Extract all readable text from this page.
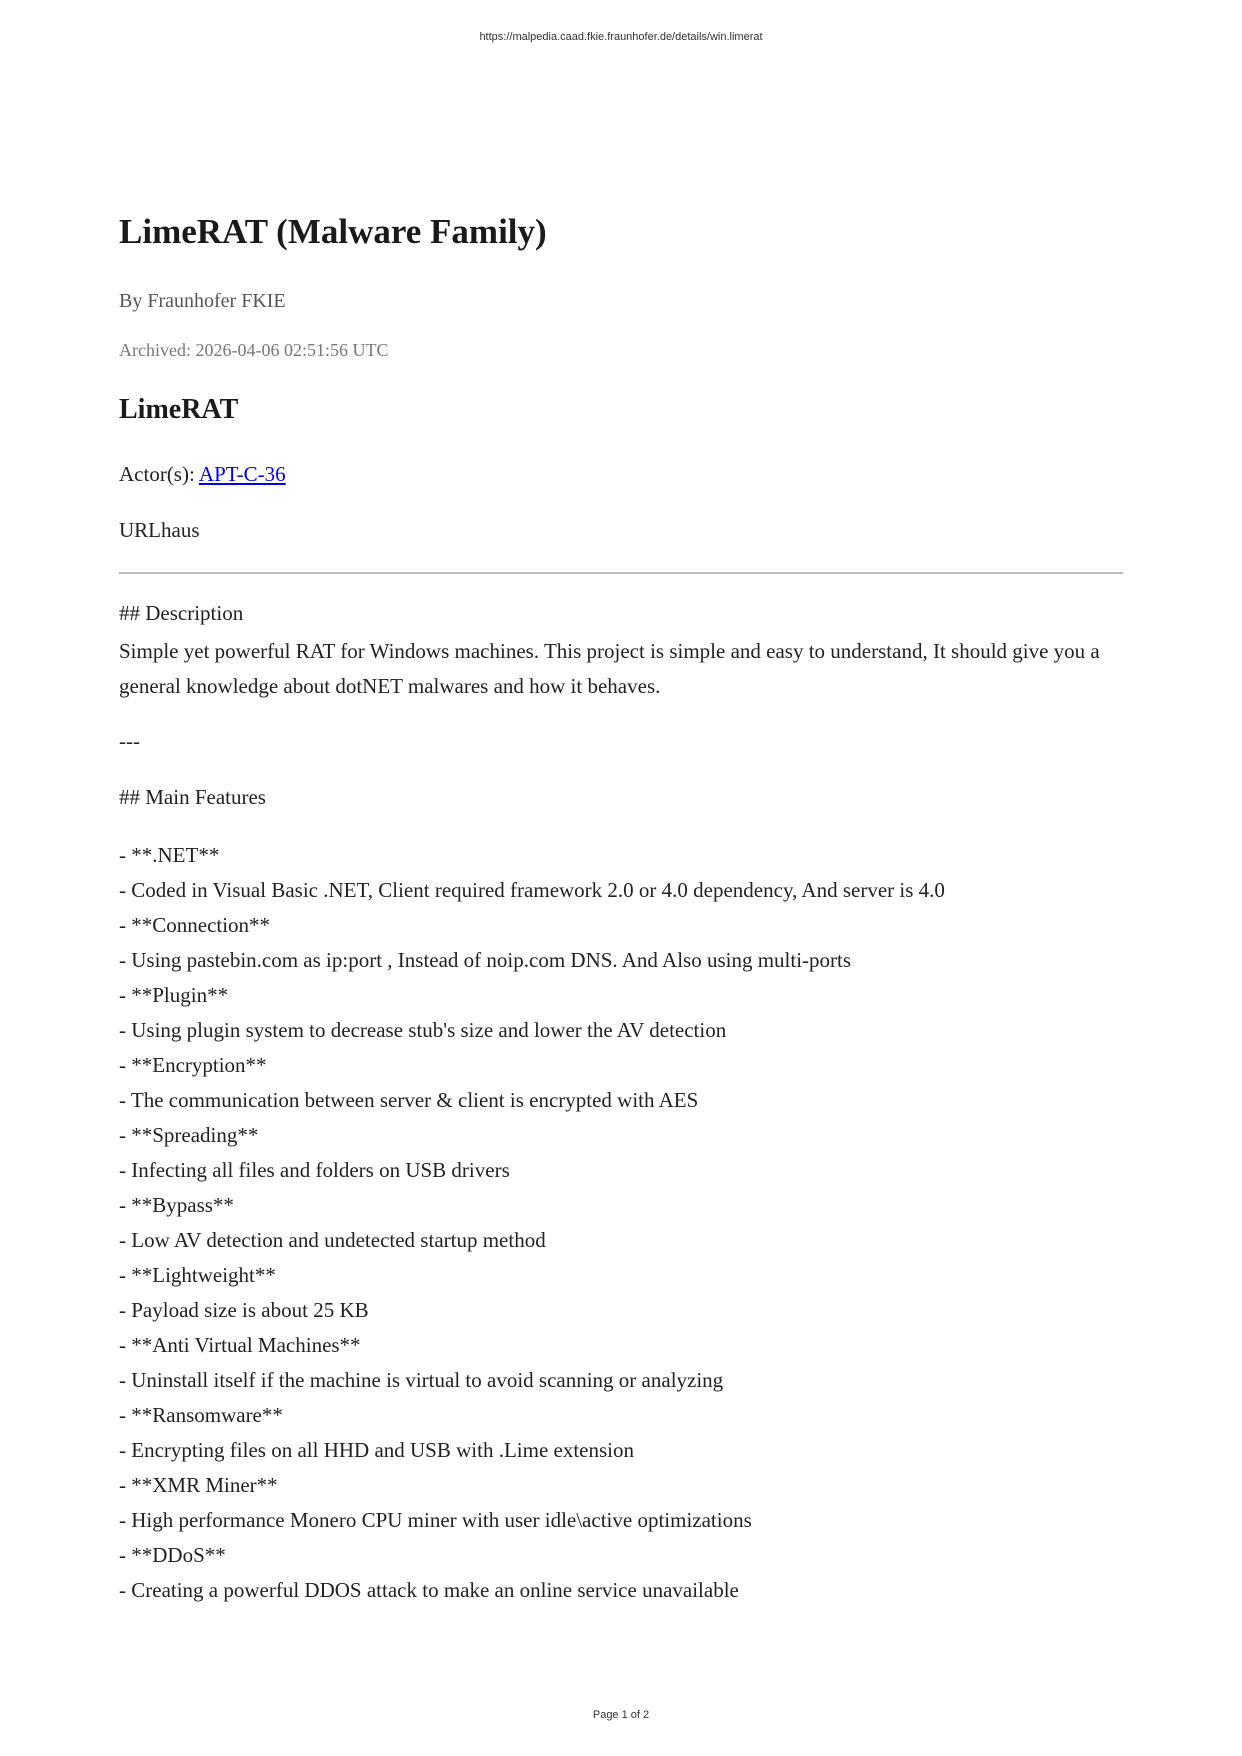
https://malpedia.caad.fkie.fraunhofer.de/details/win.limerat
LimeRAT (Malware Family)
By Fraunhofer FKIE
Archived: 2026-04-06 02:51:56 UTC
LimeRAT
Actor(s): APT-C-36
URLhaus
## Description
Simple yet powerful RAT for Windows machines. This project is simple and easy to understand, It should give you a general knowledge about dotNET malwares and how it behaves.
---
## Main Features
- **.NET**
- Coded in Visual Basic .NET, Client required framework 2.0 or 4.0 dependency, And server is 4.0
- **Connection**
- Using pastebin.com as ip:port , Instead of noip.com DNS. And Also using multi-ports
- **Plugin**
- Using plugin system to decrease stub's size and lower the AV detection
- **Encryption**
- The communication between server & client is encrypted with AES
- **Spreading**
- Infecting all files and folders on USB drivers
- **Bypass**
- Low AV detection and undetected startup method
- **Lightweight**
- Payload size is about 25 KB
- **Anti Virtual Machines**
- Uninstall itself if the machine is virtual to avoid scanning or analyzing
- **Ransomware**
- Encrypting files on all HHD and USB with .Lime extension
- **XMR Miner**
- High performance Monero CPU miner with user idle\active optimizations
- **DDoS**
- Creating a powerful DDOS attack to make an online service unavailable
Page 1 of 2
